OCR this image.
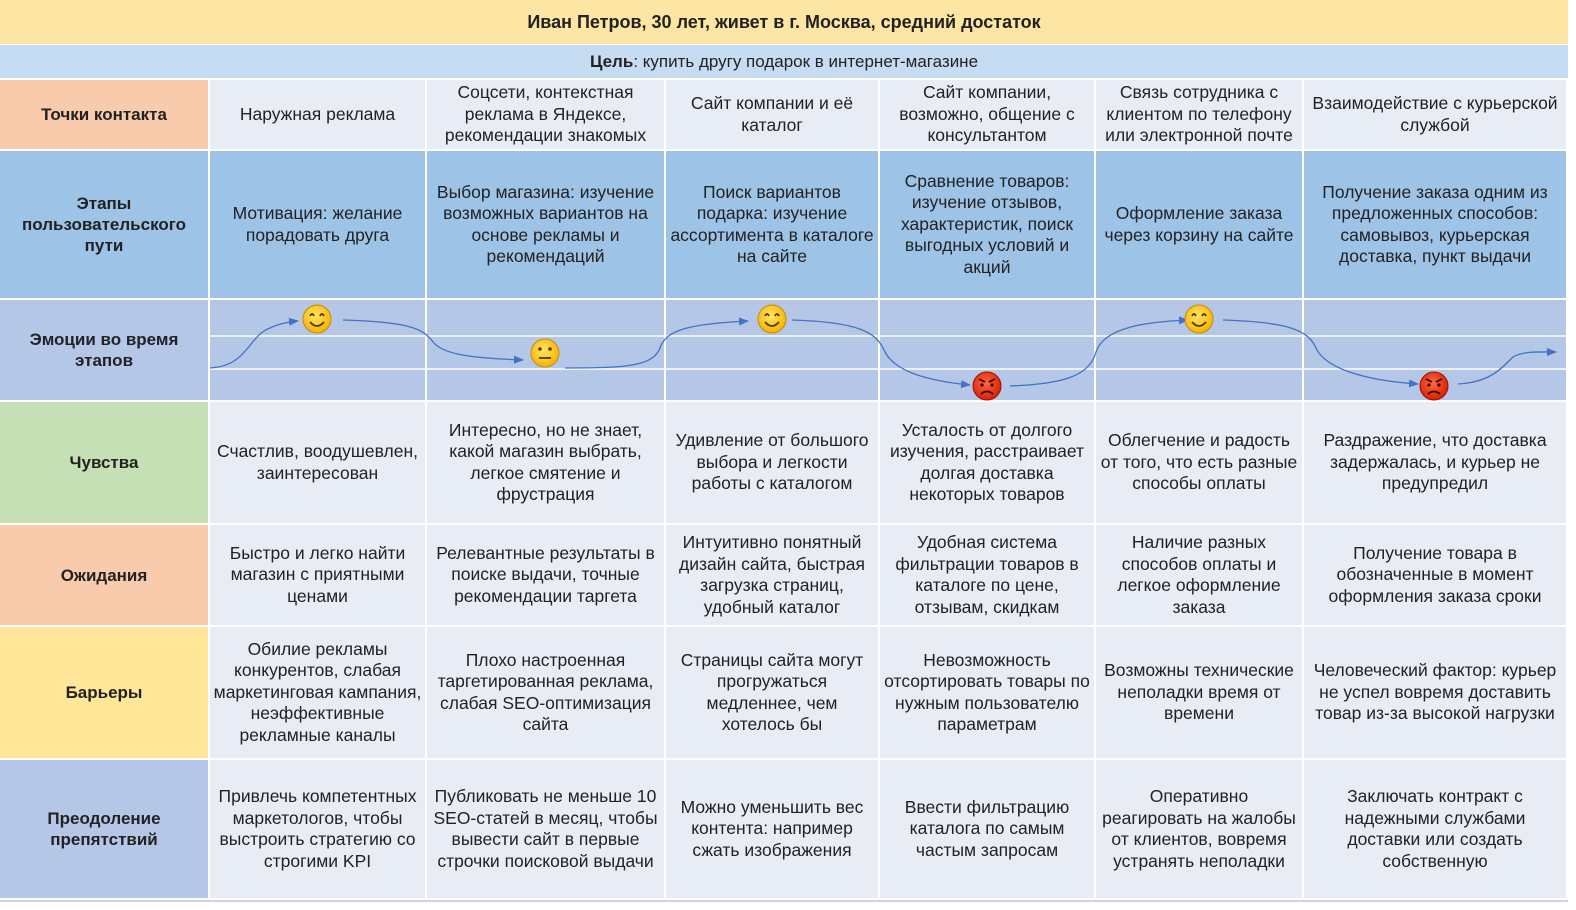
Иван Петров, 30 лет, живет в г. Москва, средний достаток
Цель : купить другу подарок в интернет-магазине
Точки контакта	Наружная реклама
Соцсети, контекстная реклама в Яндексе, рекомендации знакомых
Сайт компании и её каталог
Сайт компании, возможно, общение с консультантом
Связь сотрудника с клиентом по телефону или электронной почте
Взаимодействие с курьерской службой
Этапы пользовательского пути
Мотивация: желание порадовать друга
Выбор магазина: изучение возможных вариантов на основе рекламы и рекомендаций
Поиск вариантов подарка: изучение ассортимента в каталоге на сайте
Сравнение товаров: изучение отзывов, характеристик, поиск выгодных условий и акций
Оформление заказа через корзину на сайте
Получение заказа одним из предложенных способов: самовывоз, курьерская доставка, пункт выдачи
Эмоции во время этапов
Чувства
Счастлив, воодушевлен, заинтересован
Интересно, но не знает, какой магазин выбрать, легкое смятение и фрустрация
Удивление от большого выбора и легкости работы с каталогом
Усталость от долгого изучения, расстраивает долгая доставка некоторых товаров
Облегчение и радость от того, что есть разные способы оплаты
Раздражение, что доставка задержалась, и курьер не предупредил
Ожидания
Быстро и легко найти магазин с приятными ценами
Релевантные результаты в поиске выдачи, точные рекомендации таргета
Интуитивно понятный дизайн сайта, быстрая загрузка страниц, удобный каталог
Удобная система фильтрации товаров в каталоге по цене, отзывам, скидкам
Наличие разных способов оплаты и легкое оформление заказа
Получение товара в обозначенные в момент оформления заказа сроки
Барьеры
Обилие рекламы конкурентов, слабая маркетинговая кампания, неэффективные рекламные каналы
Плохо настроенная таргетированная реклама, слабая SEO-оптимизация сайта
Страницы сайта могут прогружаться медленнее, чем хотелось бы
Невозможность отсортировать товары по нужным пользователю параметрам
Возможны технические неполадки время от времени
Человеческий фактор: курьер не успел вовремя доставить товар из-за высокой нагрузки
Преодоление препятствий
Привлечь компетентных маркетологов, чтобы выстроить стратегию со строгими KPI
Публиковать не меньше 10 SEO-статей в месяц, чтобы вывести сайт в первые строчки поисковой выдачи
Можно уменьшить вес контента: например сжать изображения
Ввести фильтрацию каталога по самым частым запросам
Оперативно реагировать на жалобы от клиентов, вовремя устранять неполадки
Заключать контракт с надежными службами доставки или создать собственную
